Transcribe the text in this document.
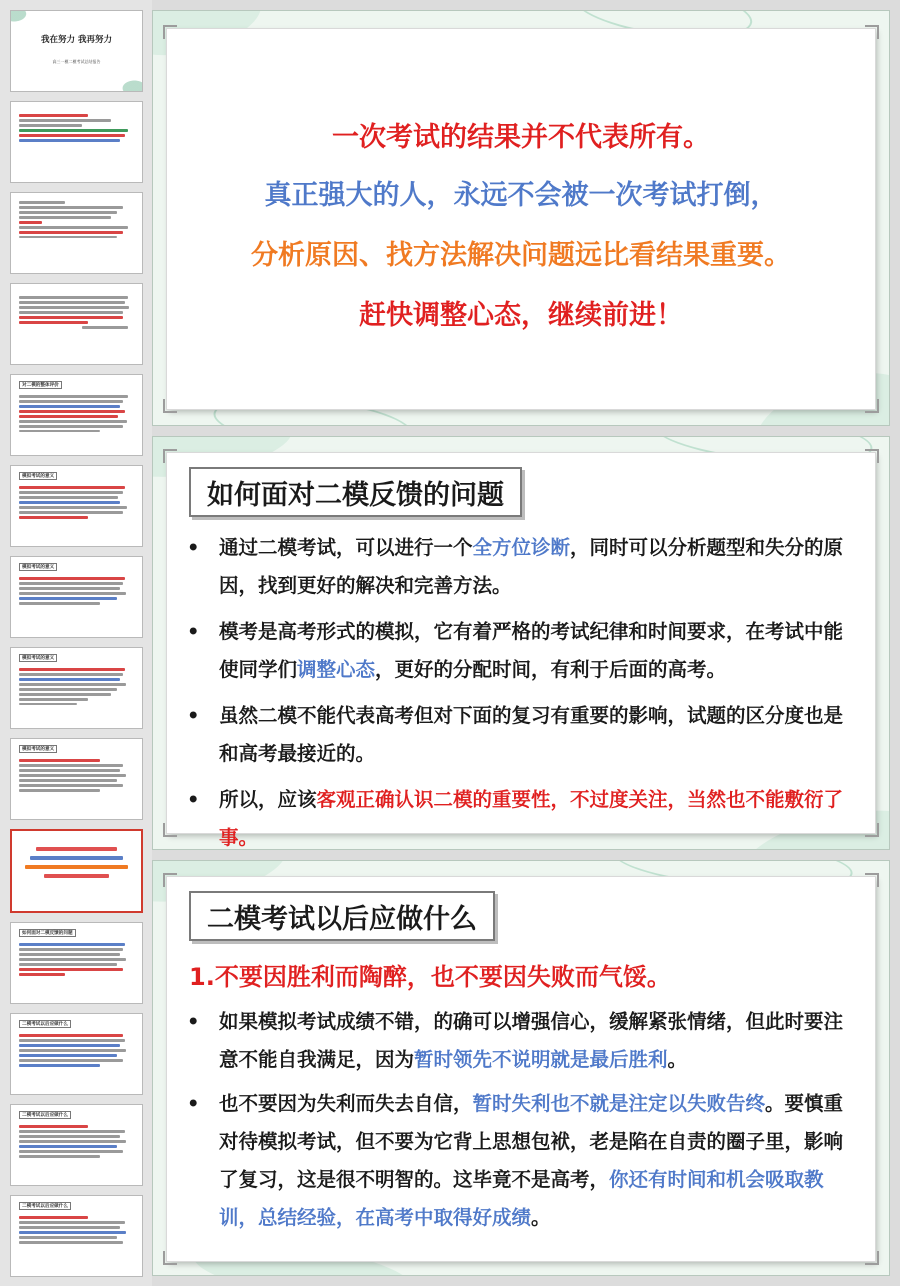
我在努力 我再努力
高三一模二模考试总结报告
对二模的整体评价
模拟考试的意义
模拟考试的意义
模拟考试的意义
模拟考试的意义
如何面对二模反馈的问题
二模考试以后应做什么
二模考试以后应做什么
二模考试以后应做什么
一次考试的结果并不代表所有。
真正强大的人，永远不会被一次考试打倒，
分析原因、找方法解决问题远比看结果重要。
赶快调整心态，继续前进！
如何面对二模反馈的问题
• 通过二模考试，可以进行一个全方位诊断，同时可以分析题型和失分的原因，找到更好的解决和完善方法。
• 模考是高考形式的模拟，它有着严格的考试纪律和时间要求，在考试中能使同学们调整心态，更好的分配时间，有利于后面的高考。
• 虽然二模不能代表高考但对下面的复习有重要的影响，试题的区分度也是和高考最接近的。
• 所以，应该客观正确认识二模的重要性，不过度关注，当然也不能敷衍了事。
二模考试以后应做什么
1.不要因胜利而陶醉，也不要因失败而气馁。
• 如果模拟考试成绩不错，的确可以增强信心，缓解紧张情绪，但此时要注意不能自我满足，因为暂时领先不说明就是最后胜利。
• 也不要因为失利而失去自信，暂时失利也不就是注定以失败告终。要慎重对待模拟考试，但不要为它背上思想包袱，老是陷在自责的圈子里，影响了复习，这是很不明智的。这毕竟不是高考，你还有时间和机会吸取教训，总结经验，在高考中取得好成绩。
